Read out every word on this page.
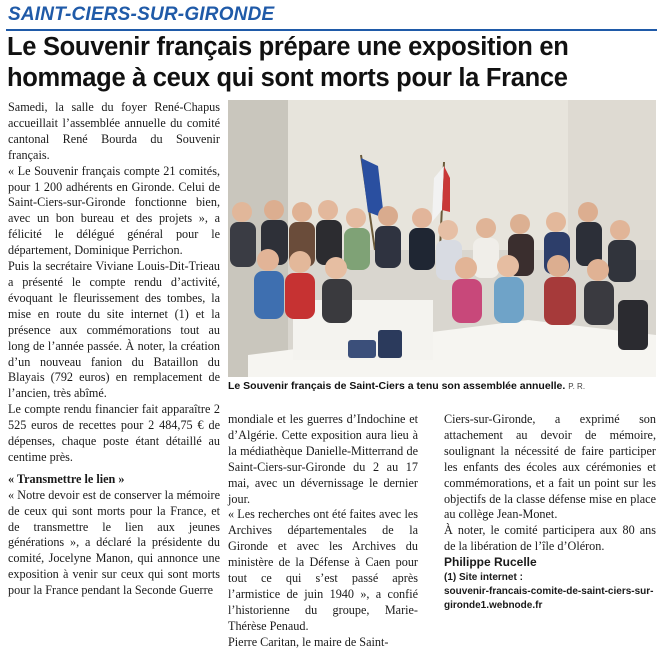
SAINT-CIERS-SUR-GIRONDE
Le Souvenir français prépare une exposition en hommage à ceux qui sont morts pour la France

Samedi, la salle du foyer René-Chapus accueillait l’assemblée annuelle du comité cantonal René Bourda du Souvenir français.

« Le Souvenir français compte 21 comités, pour 1 200 adhérents en Gironde. Celui de Saint-Ciers-sur-Gironde fonctionne bien, avec un bon bureau et des projets », a félicité le délégué général pour le département, Dominique Perrichon.

Puis la secrétaire Viviane Louis-Dit-Trieau a présenté le compte rendu d’activité, évoquant le fleurissement des tombes, la mise en route du site internet (1) et la présence aux commémorations tout au long de l’année passée. À noter, la création d’un nouveau fanion du Bataillon du Blayais (792 euros) en remplacement de l’ancien, très abîmé.

Le compte rendu financier fait apparaître 2 525 euros de recettes pour 2 484,75 € de dépenses, chaque poste étant détaillé au centime près.

« Transmettre le lien »

« Notre devoir est de conserver la mémoire de ceux qui sont morts pour la France, et de transmettre le lien aux jeunes générations », a déclaré la présidente du comité, Jocelyne Manon, qui annonce une exposition à venir sur ceux qui sont morts pour la France pendant la Seconde Guerre

Le Souvenir français de Saint-Ciers a tenu son assemblée annuelle. P. R.

mondiale et les guerres d’Indochine et d’Algérie. Cette exposition aura lieu à la médiathèque Danielle-Mitterrand de Saint-Ciers-sur-Gironde du 2 au 17 mai, avec un dévernissage le dernier jour.

« Les recherches ont été faites avec les Archives départementales de la Gironde et avec les Archives du ministère de la Défense à Caen pour tout ce qui s’est passé après l’armistice de juin 1940 », a confié l’historienne du groupe, Marie-Thérèse Penaud.

Pierre Caritan, le maire de Saint-

Ciers-sur-Gironde, a exprimé son attachement au devoir de mémoire, soulignant la nécessité de faire participer les enfants des écoles aux cérémonies et commémorations, et a fait un point sur les objectifs de la classe défense mise en place au collège Jean-Monet.

À noter, le comité participera aux 80 ans de la libération de l’île d’Oléron.

Philippe Rucelle

(1) Site internet :
souvenir-francais-comite-de-saint-ciers-sur-gironde1.webnode.fr
